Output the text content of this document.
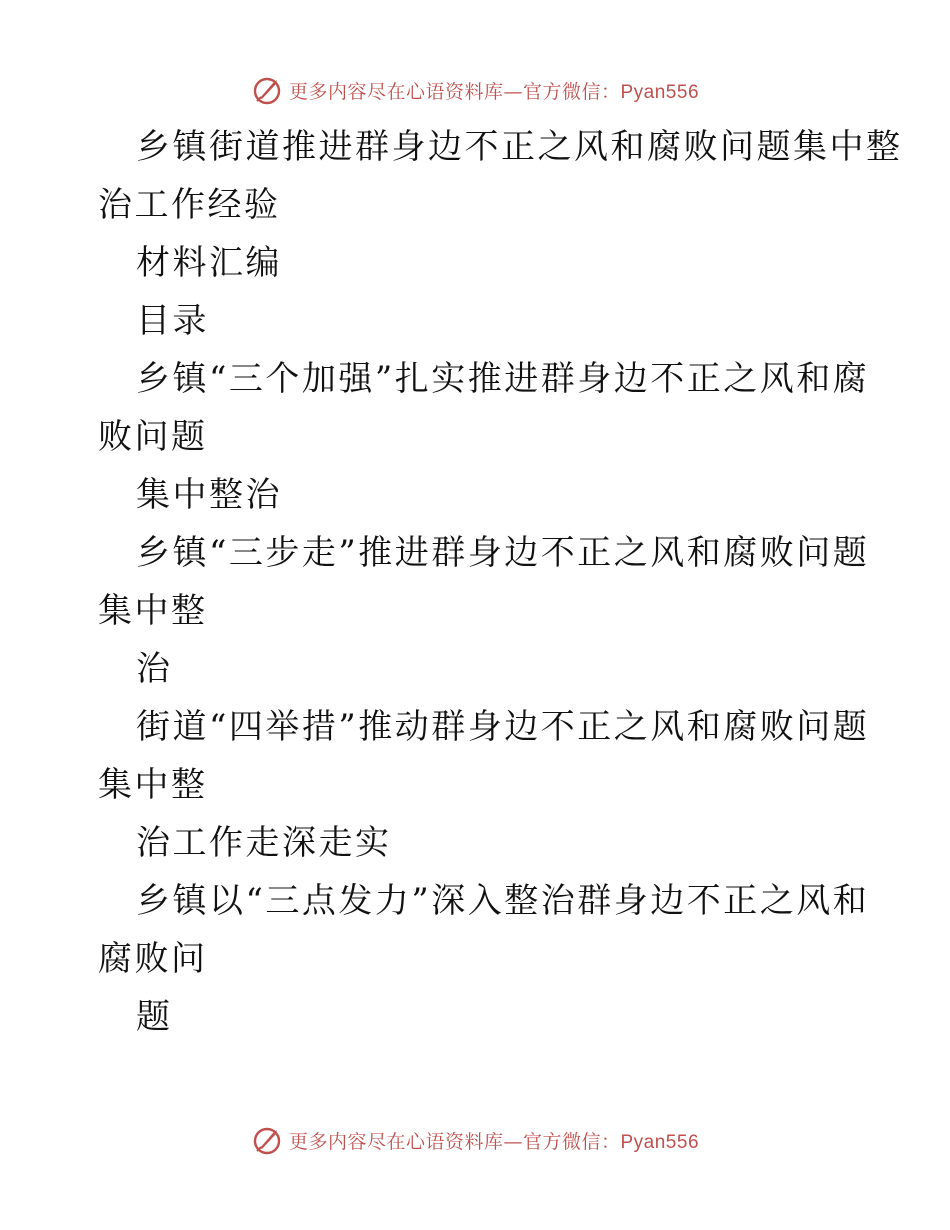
更多内容尽在心语资料库—官方微信：Pyan556
乡镇街道推进群身边不正之风和腐败问题集中整
治工作经验
材料汇编
目录
乡镇“三个加强”扎实推进群身边不正之风和腐
败问题
集中整治
乡镇“三步走”推进群身边不正之风和腐败问题
集中整
治
街道“四举措”推动群身边不正之风和腐败问题
集中整
治工作走深走实
乡镇以“三点发力”深入整治群身边不正之风和
腐败问
题
更多内容尽在心语资料库—官方微信：Pyan556
